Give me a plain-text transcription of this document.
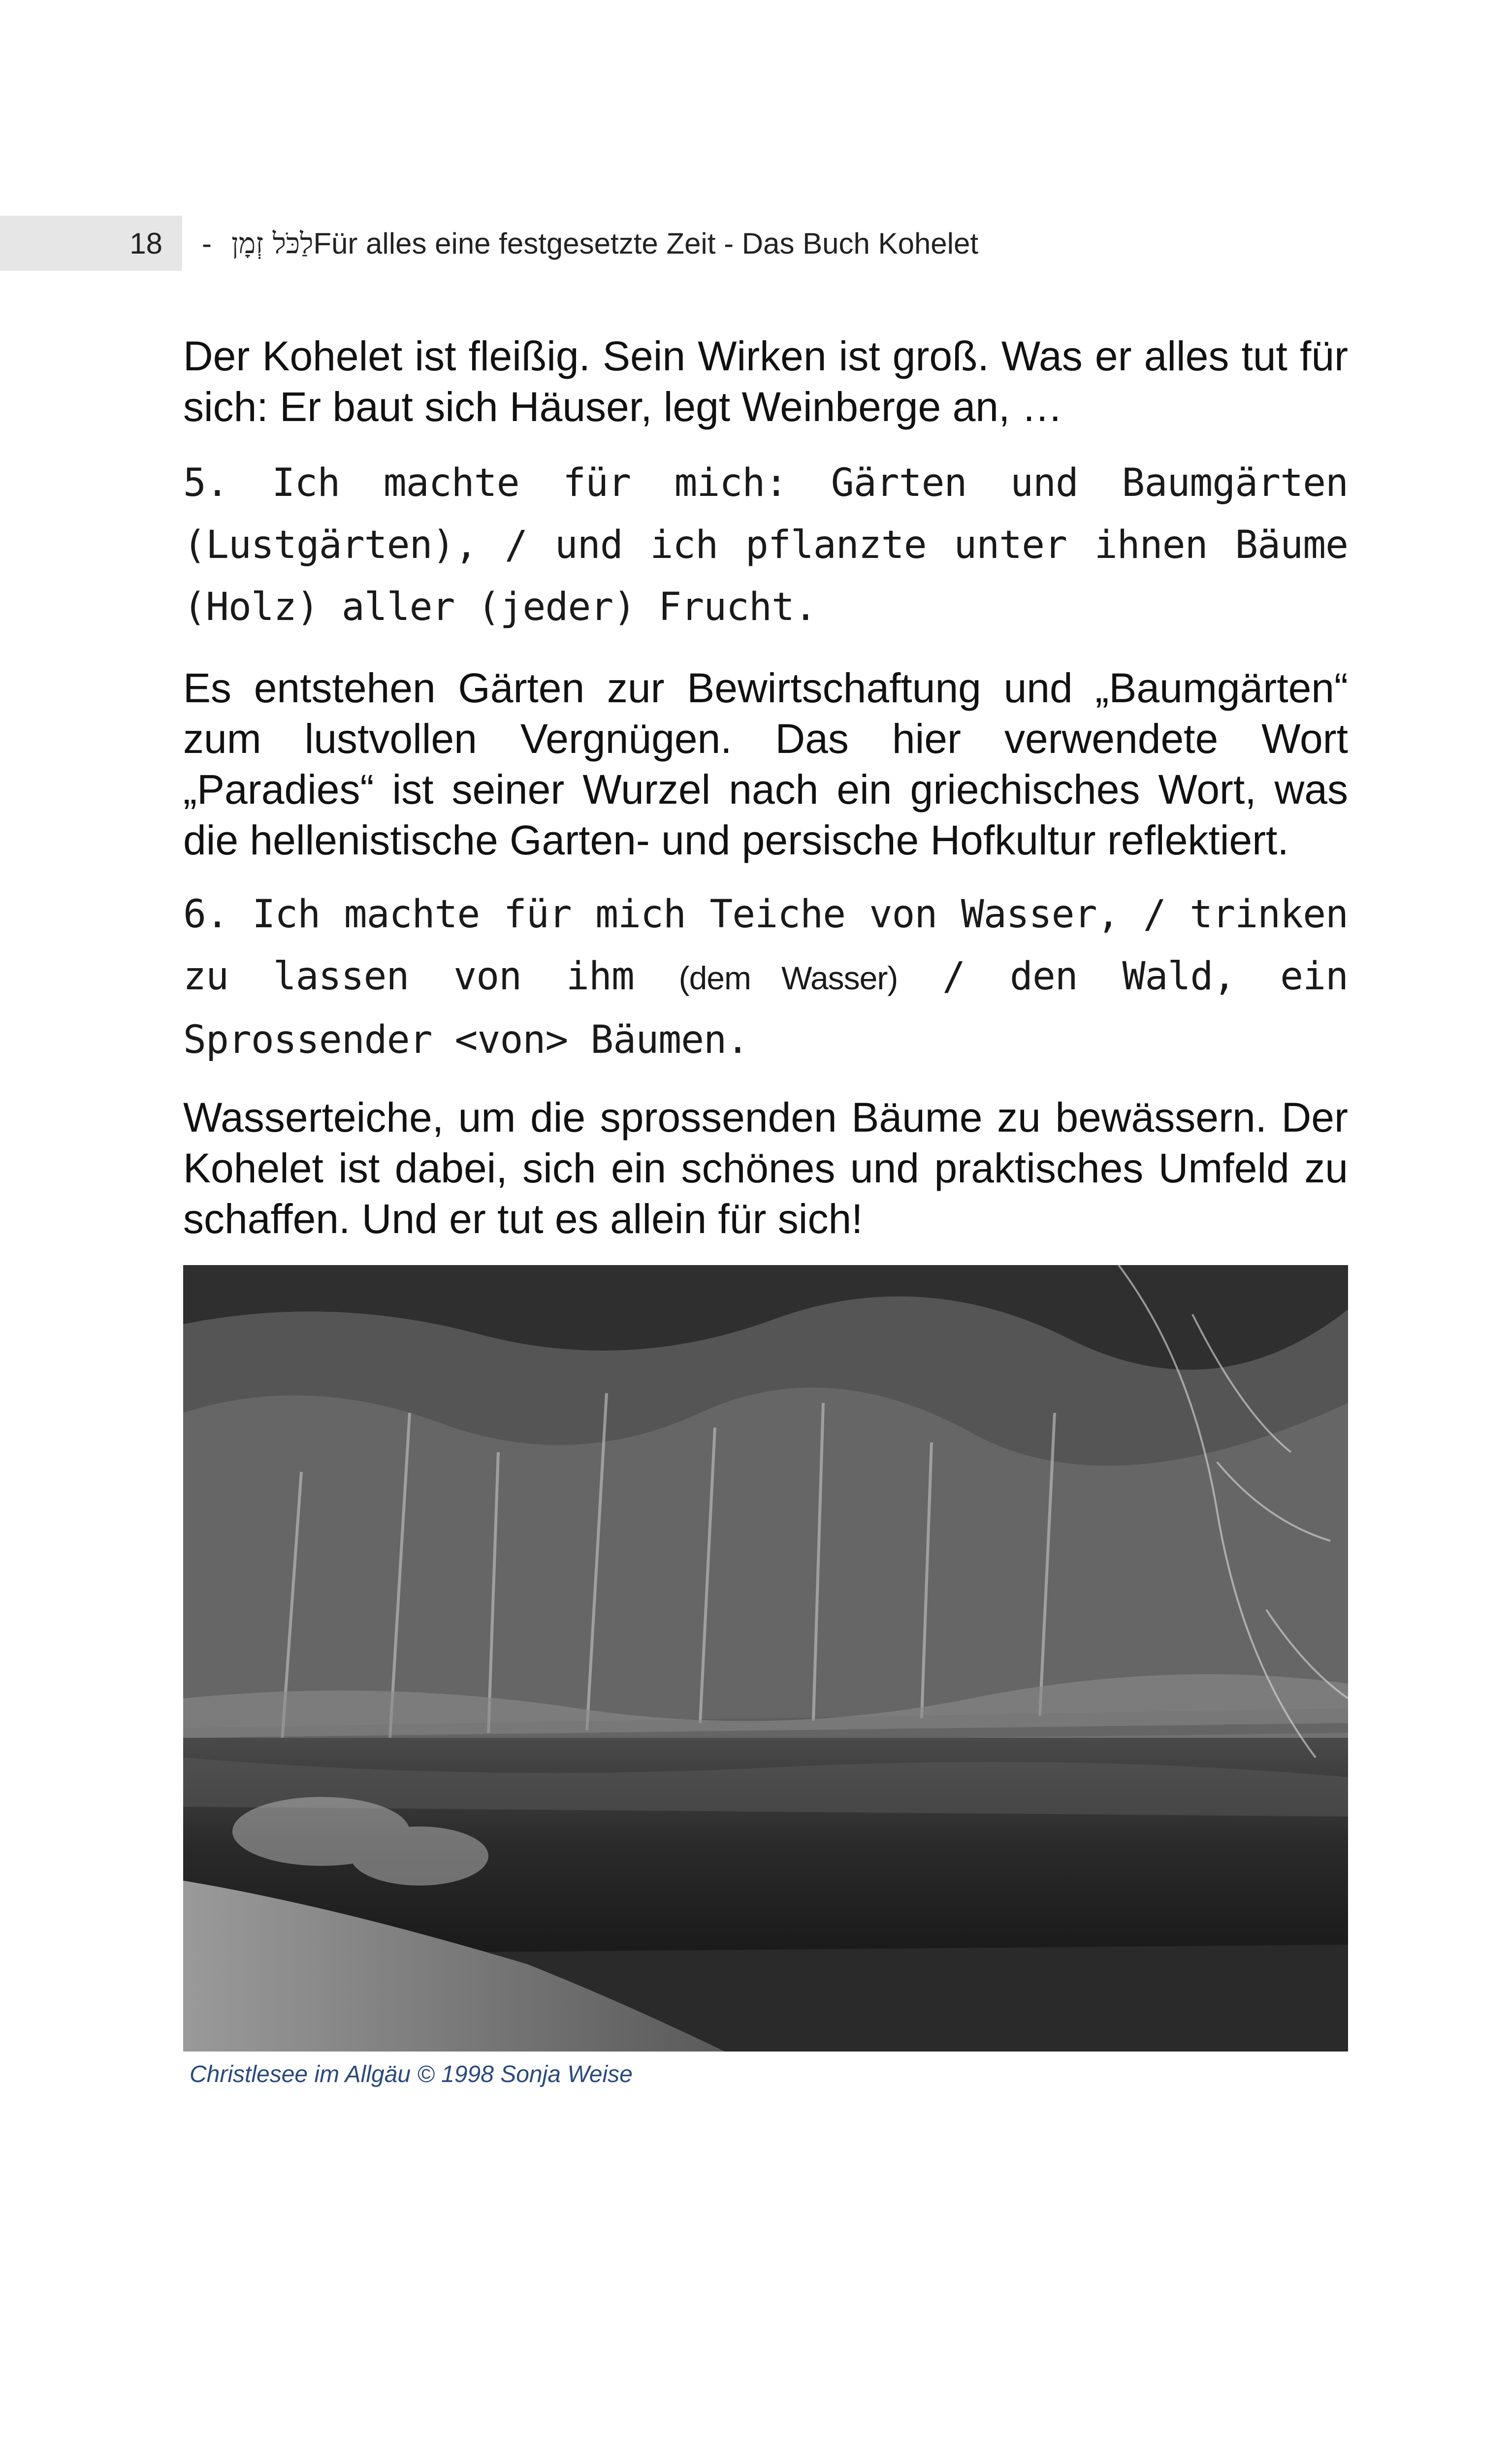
18 - לַכֹּל זְמָן Für alles eine festgesetzte Zeit - Das Buch Kohelet

Der Kohelet ist fleißig. Sein Wirken ist groß. Was er alles tut für sich: Er baut sich Häuser, legt Weinberge an, …

5. Ich machte für mich: Gärten und Baumgärten (Lustgärten), / und ich pflanzte unter ihnen Bäume (Holz) aller (jeder) Frucht.

Es entstehen Gärten zur Bewirtschaftung und „Baumgärten“ zum lustvollen Vergnügen. Das hier verwendete Wort „Paradies“ ist seiner Wurzel nach ein griechisches Wort, was die hellenistische Garten- und persische Hofkultur reflektiert.

6. Ich machte für mich Teiche von Wasser, / trinken zu lassen von ihm (dem Wasser) / den Wald, ein Sprossender <von> Bäumen.

Wasserteiche, um die sprossenden Bäume zu bewässern. Der Kohelet ist dabei, sich ein schönes und praktisches Umfeld zu schaffen. Und er tut es allein für sich!

Christlesee im Allgäu © 1998 Sonja Weise
